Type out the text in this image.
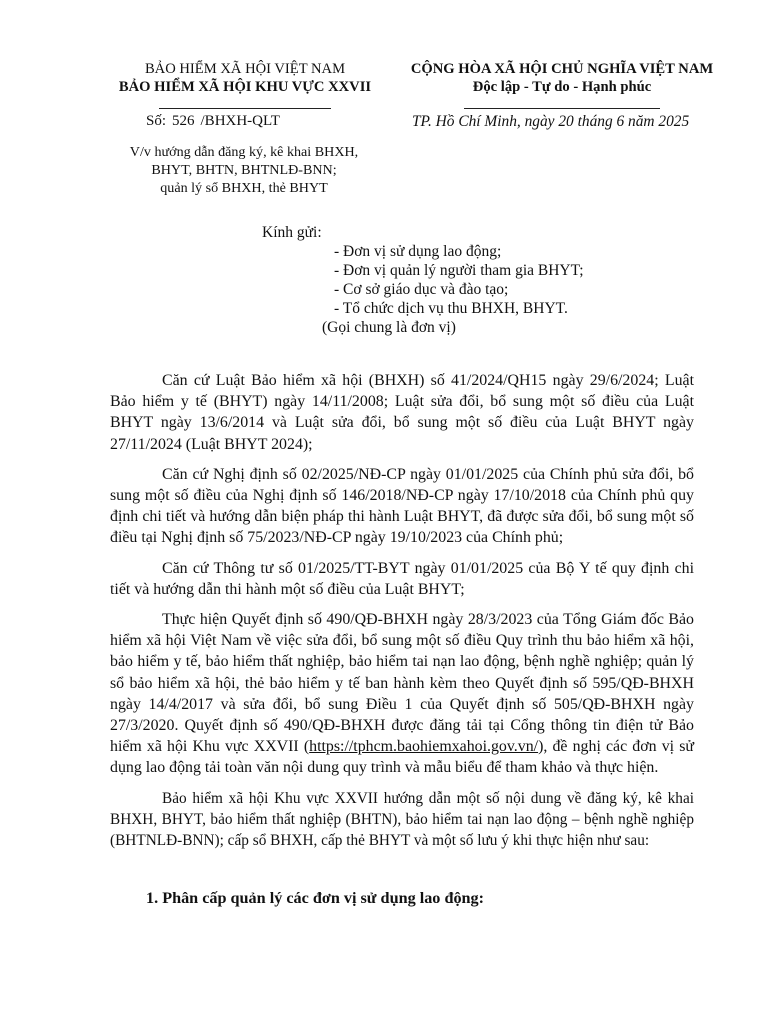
BẢO HIỂM XÃ HỘI VIỆT NAM
BẢO HIỂM XÃ HỘI KHU VỰC XXVII
CỘNG HÒA XÃ HỘI CHỦ NGHĨA VIỆT NAM
Độc lập - Tự do - Hạnh phúc
Số: 526 /BHXH-QLT	TP. Hồ Chí Minh, ngày 20 tháng 6 năm 2025
V/v hướng dẫn đăng ký, kê khai BHXH,
BHYT, BHTN, BHTNLĐ-BNN;
quản lý sổ BHXH, thẻ BHYT
Kính gửi:
- Đơn vị sử dụng lao động;
- Đơn vị quản lý người tham gia BHYT;
- Cơ sở giáo dục và đào tạo;
- Tổ chức dịch vụ thu BHXH, BHYT.
(Gọi chung là đơn vị)

Căn cứ Luật Bảo hiểm xã hội (BHXH) số 41/2024/QH15 ngày 29/6/2024; Luật Bảo hiểm y tế (BHYT) ngày 14/11/2008; Luật sửa đổi, bổ sung một số điều của Luật BHYT ngày 13/6/2014 và Luật sửa đổi, bổ sung một số điều của Luật BHYT ngày 27/11/2024 (Luật BHYT 2024);

Căn cứ Nghị định số 02/2025/NĐ-CP ngày 01/01/2025 của Chính phủ sửa đổi, bổ sung một số điều của Nghị định số 146/2018/NĐ-CP ngày 17/10/2018 của Chính phủ quy định chi tiết và hướng dẫn biện pháp thi hành Luật BHYT, đã được sửa đổi, bổ sung một số điều tại Nghị định số 75/2023/NĐ-CP ngày 19/10/2023 của Chính phủ;

Căn cứ Thông tư số 01/2025/TT-BYT ngày 01/01/2025 của Bộ Y tế quy định chi tiết và hướng dẫn thi hành một số điều của Luật BHYT;

Thực hiện Quyết định số 490/QĐ-BHXH ngày 28/3/2023 của Tổng Giám đốc Bảo hiểm xã hội Việt Nam về việc sửa đổi, bổ sung một số điều Quy trình thu bảo hiểm xã hội, bảo hiểm y tế, bảo hiểm thất nghiệp, bảo hiểm tai nạn lao động, bệnh nghề nghiệp; quản lý sổ bảo hiểm xã hội, thẻ bảo hiểm y tế ban hành kèm theo Quyết định số 595/QĐ-BHXH ngày 14/4/2017 và sửa đổi, bổ sung Điều 1 của Quyết định số 505/QĐ-BHXH ngày 27/3/2020. Quyết định số 490/QĐ-BHXH được đăng tải tại Cổng thông tin điện tử Bảo hiểm xã hội Khu vực XXVII (https://tphcm.baohiemxahoi.gov.vn/), đề nghị các đơn vị sử dụng lao động tải toàn văn nội dung quy trình và mẫu biểu để tham khảo và thực hiện.

Bảo hiểm xã hội Khu vực XXVII hướng dẫn một số nội dung về đăng ký, kê khai BHXH, BHYT, bảo hiểm thất nghiệp (BHTN), bảo hiểm tai nạn lao động – bệnh nghề nghiệp (BHTNLĐ-BNN); cấp sổ BHXH, cấp thẻ BHYT và một số lưu ý khi thực hiện như sau:

1. Phân cấp quản lý các đơn vị sử dụng lao động:
